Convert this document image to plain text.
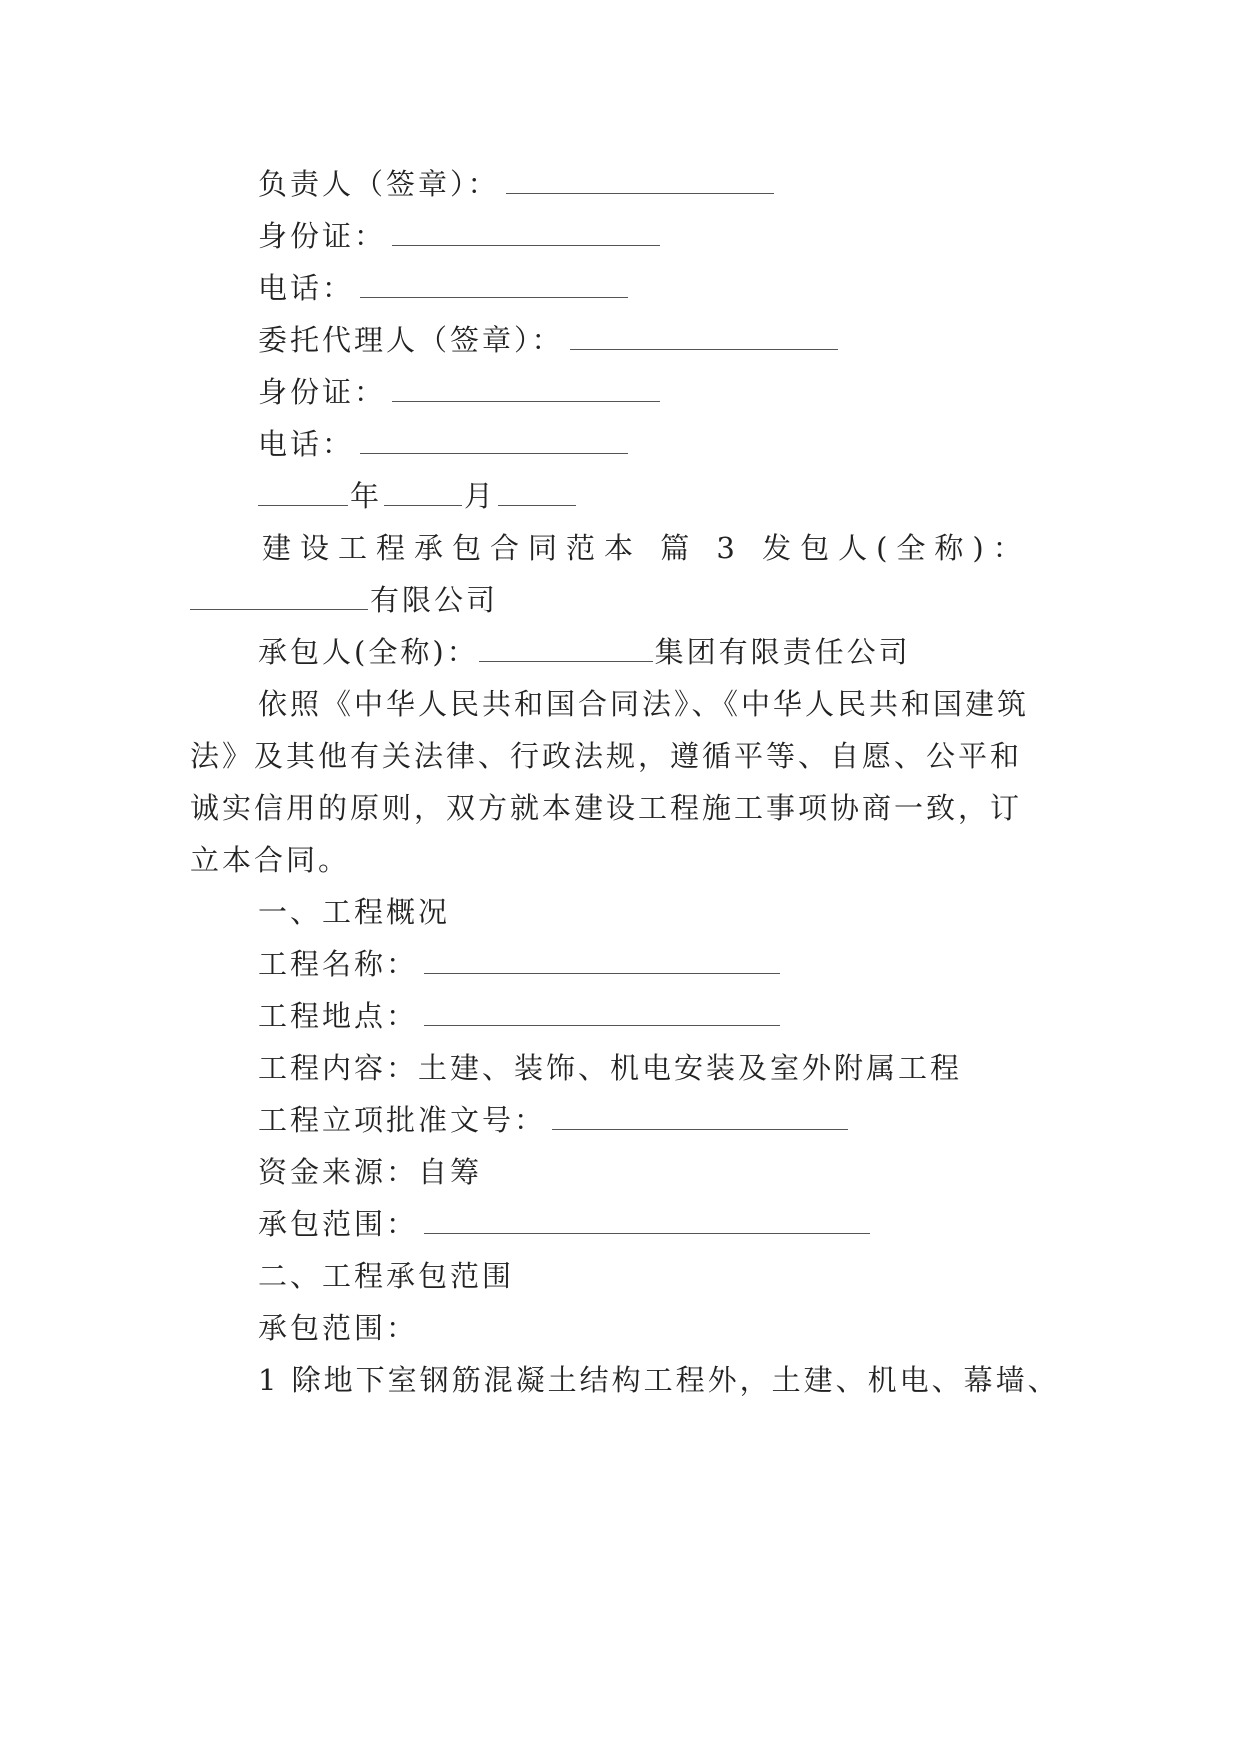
负责人（签章）：
身份证：
电话：
委托代理人（签章）：
身份证：
电话：
年	月
建设工程承包合同范本 篇 3 发包人(全称)：
有限公司
承包人(全称)：	集团有限责任公司
依照《中华人民共和国合同法》、《中华人民共和国建筑
法》及其他有关法律、行政法规，遵循平等、自愿、公平和
诚实信用的原则，双方就本建设工程施工事项协商一致，订
立本合同。
一、工程概况
工程名称：
工程地点：
工程内容：土建、装饰、机电安装及室外附属工程
工程立项批准文号：
资金来源：自筹
承包范围：
二、工程承包范围
承包范围：
1 除地下室钢筋混凝土结构工程外，土建、机电、幕墙、
